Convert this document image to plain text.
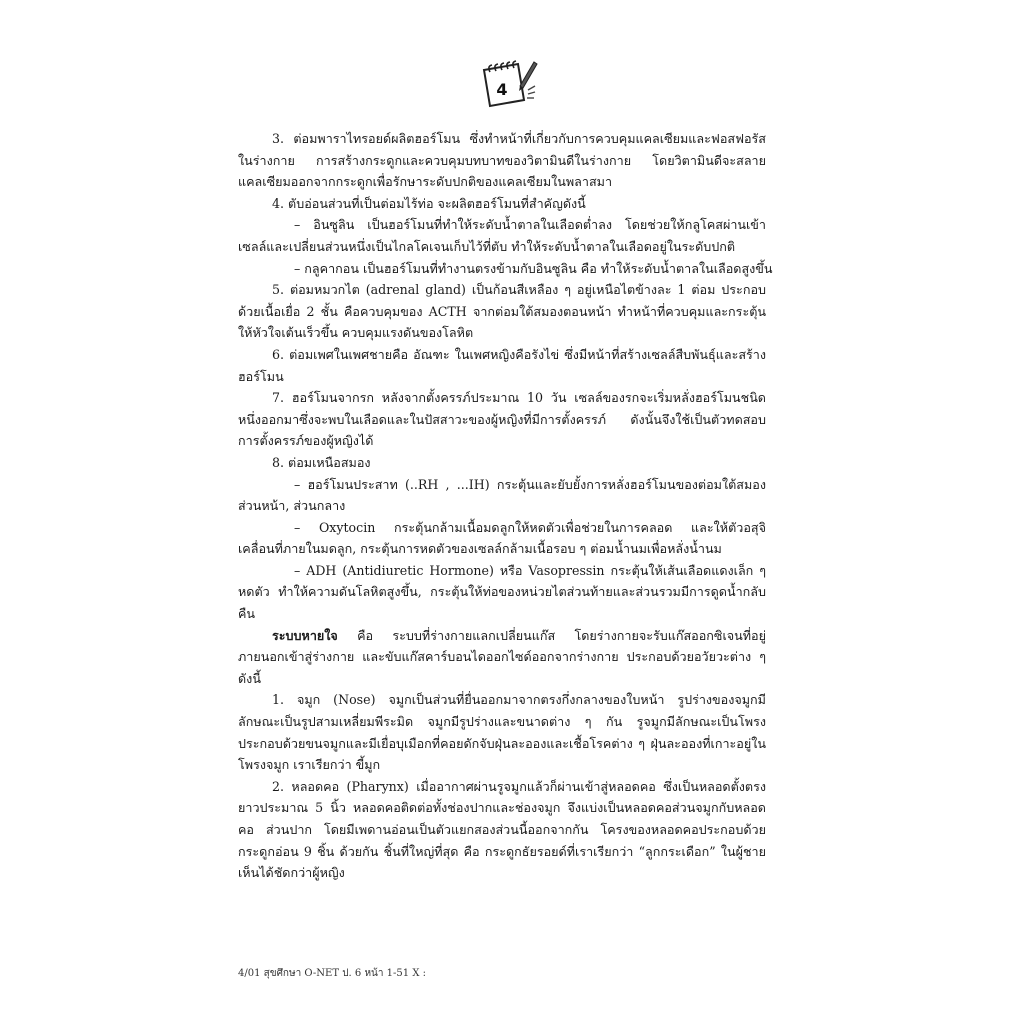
4

3. ต่อมพาราไทรอยด์ผลิตฮอร์โมน ซึ่งทำหน้าที่เกี่ยวกับการควบคุมแคลเซียมและฟอสฟอรัสในร่างกาย การสร้างกระดูกและควบคุมบทบาทของวิตามินดีในร่างกาย โดยวิตามินดีจะสลายแคลเซียมออกจากกระดูกเพื่อรักษาระดับปกติของแคลเซียมในพลาสมา

4. ตับอ่อนส่วนที่เป็นต่อมไร้ท่อ จะผลิตฮอร์โมนที่สำคัญดังนี้

– อินซูลิน เป็นฮอร์โมนที่ทำให้ระดับน้ำตาลในเลือดต่ำลง โดยช่วยให้กลูโคสผ่านเข้าเซลล์และเปลี่ยนส่วนหนึ่งเป็นไกลโคเจนเก็บไว้ที่ตับ ทำให้ระดับน้ำตาลในเลือดอยู่ในระดับปกติ

– กลูคากอน เป็นฮอร์โมนที่ทำงานตรงข้ามกับอินซูลิน คือ ทำให้ระดับน้ำตาลในเลือดสูงขึ้น

5. ต่อมหมวกไต (adrenal gland) เป็นก้อนสีเหลือง ๆ อยู่เหนือไตข้างละ 1 ต่อม ประกอบด้วยเนื้อเยื่อ 2 ชั้น คือควบคุมของ ACTH จากต่อมใต้สมองตอนหน้า ทำหน้าที่ควบคุมและกระตุ้นให้หัวใจเต้นเร็วขึ้น ควบคุมแรงดันของโลหิต

6. ต่อมเพศในเพศชายคือ อัณฑะ ในเพศหญิงคือรังไข่ ซึ่งมีหน้าที่สร้างเซลล์สืบพันธุ์และสร้างฮอร์โมน

7. ฮอร์โมนจากรก หลังจากตั้งครรภ์ประมาณ 10 วัน เซลล์ของรกจะเริ่มหลั่งฮอร์โมนชนิดหนึ่งออกมาซึ่งจะพบในเลือดและในปัสสาวะของผู้หญิงที่มีการตั้งครรภ์ ดังนั้นจึงใช้เป็นตัวทดสอบการตั้งครรภ์ของผู้หญิงได้

8. ต่อมเหนือสมอง

– ฮอร์โมนประสาท (..RH , ...IH) กระตุ้นและยับยั้งการหลั่งฮอร์โมนของต่อมใต้สมองส่วนหน้า, ส่วนกลาง

– Oxytocin กระตุ้นกล้ามเนื้อมดลูกให้หดตัวเพื่อช่วยในการคลอด และให้ตัวอสุจิเคลื่อนที่ภายในมดลูก, กระตุ้นการหดตัวของเซลล์กล้ามเนื้อรอบ ๆ ต่อมน้ำนมเพื่อหลั่งน้ำนม

– ADH (Antidiuretic Hormone) หรือ Vasopressin กระตุ้นให้เส้นเลือดแดงเล็ก ๆ หดตัว ทำให้ความดันโลหิตสูงขึ้น, กระตุ้นให้ท่อของหน่วยไตส่วนท้ายและส่วนรวมมีการดูดน้ำกลับคืน

ระบบหายใจ คือ ระบบที่ร่างกายแลกเปลี่ยนแก๊ส โดยร่างกายจะรับแก๊สออกซิเจนที่อยู่ภายนอกเข้าสู่ร่างกาย และขับแก๊สคาร์บอนไดออกไซด์ออกจากร่างกาย ประกอบด้วยอวัยวะต่าง ๆ ดังนี้

1. จมูก (Nose) จมูกเป็นส่วนที่ยื่นออกมาจากตรงกึ่งกลางของใบหน้า รูปร่างของจมูกมีลักษณะเป็นรูปสามเหลี่ยมพีระมิด จมูกมีรูปร่างและขนาดต่าง ๆ กัน รูจมูกมีลักษณะเป็นโพรง ประกอบด้วยขนจมูกและมีเยื่อบุเมือกที่คอยดักจับฝุ่นละอองและเชื้อโรคต่าง ๆ ฝุ่นละอองที่เกาะอยู่ในโพรงจมูก เราเรียกว่า ขี้มูก

2. หลอดคอ (Pharynx) เมื่ออากาศผ่านรูจมูกแล้วก็ผ่านเข้าสู่หลอดคอ ซึ่งเป็นหลอดตั้งตรงยาวประมาณ 5 นิ้ว หลอดคอติดต่อทั้งช่องปากและช่องจมูก จึงแบ่งเป็นหลอดคอส่วนจมูกกับหลอดคอ ส่วนปาก โดยมีเพดานอ่อนเป็นตัวแยกสองส่วนนี้ออกจากกัน โครงของหลอดคอประกอบด้วยกระดูกอ่อน 9 ชิ้น ด้วยกัน ชิ้นที่ใหญ่ที่สุด คือ กระดูกธัยรอยด์ที่เราเรียกว่า “ลูกกระเดือก” ในผู้ชายเห็นได้ชัดกว่าผู้หญิง

4/01 สุขศึกษา O-NET ป. 6 หน้า 1-51 X :
